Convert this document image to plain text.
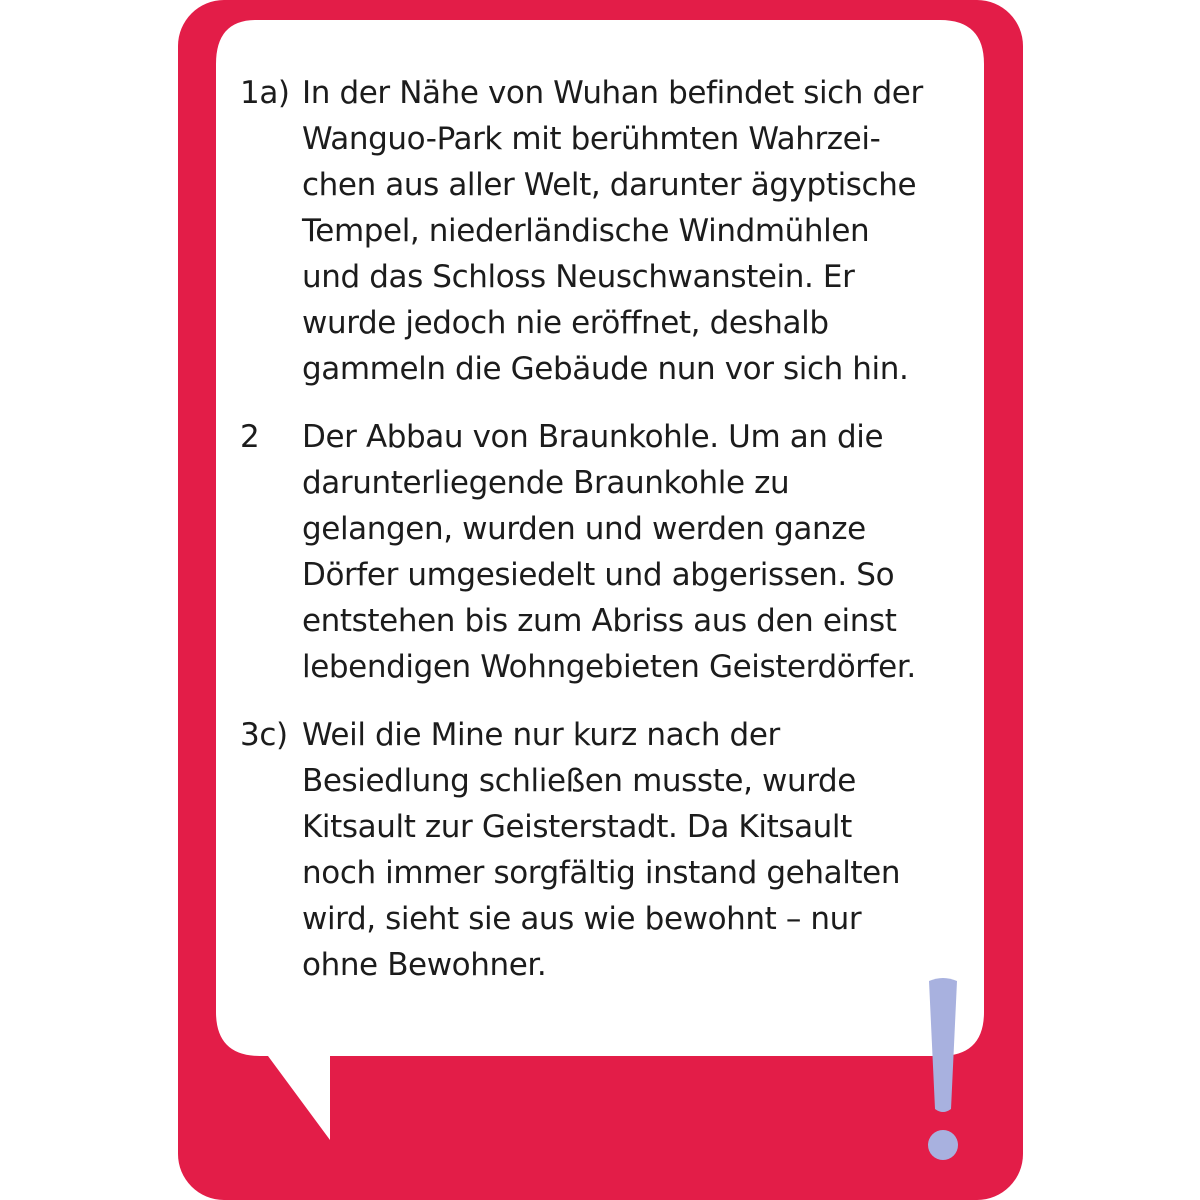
1a) In der Nähe von Wuhan befindet sich der
Wanguo-Park mit berühmten Wahrzei-
chen aus aller Welt, darunter ägyptische
Tempel, niederländische Windmühlen
und das Schloss Neuschwanstein. Er
wurde jedoch nie eröffnet, deshalb
gammeln die Gebäude nun vor sich hin.
2	Der Abbau von Braunkohle. Um an die
darunterliegende Braunkohle zu
gelangen, wurden und werden ganze
Dörfer umgesiedelt und abgerissen. So
entstehen bis zum Abriss aus den einst
lebendigen Wohngebieten Geisterdörfer.
3c) Weil die Mine nur kurz nach der
Besiedlung schließen musste, wurde
Kitsault zur Geisterstadt. Da Kitsault
noch immer sorgfältig instand gehalten
wird, sieht sie aus wie bewohnt – nur
ohne Bewohner.
